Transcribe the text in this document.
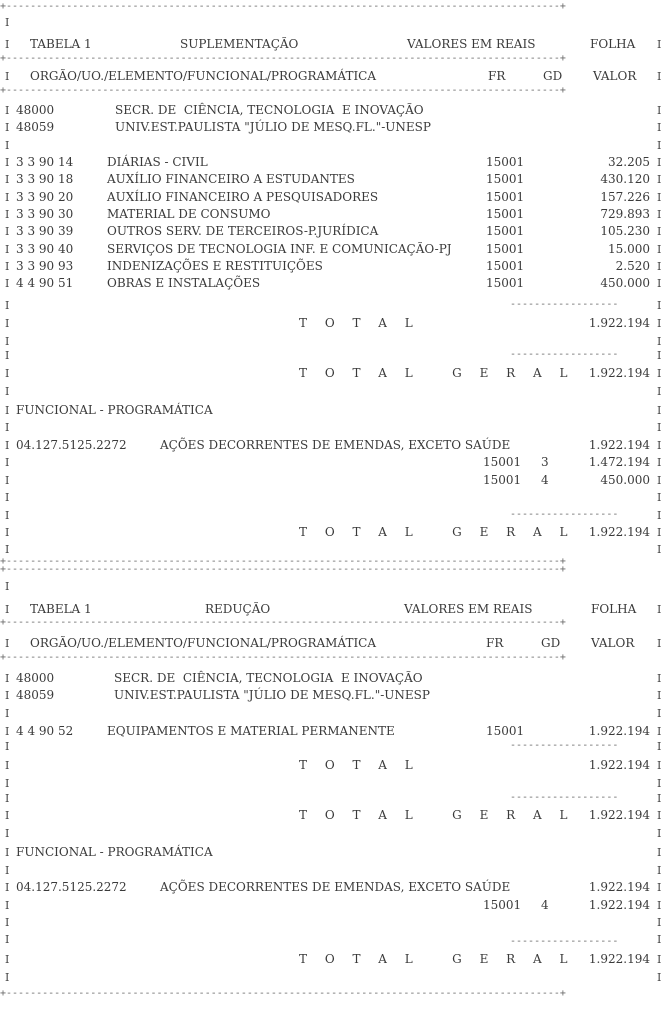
+--------------------------------------------------------------------------------------------+
I
I TABELA 1	SUPLEMENTAÇÃO	VALORES EM REAIS	FOLHA I
+--------------------------------------------------------------------------------------------+
I ORGÃO/UO./ELEMENTO/FUNCIONAL/PROGRAMÁTICA	FR	GD	VALOR I
+--------------------------------------------------------------------------------------------+
I 48000	SECR. DE  CIÊNCIA, TECNOLOGIA  E INOVAÇÃO	I
I 48059	UNIV.EST.PAULISTA "JÚLIO DE MESQ.FL."-UNESP	I
I	I
I 3 3 90 14	DIÁRIAS - CIVIL	15001	32.205 I
I 3 3 90 18	AUXÍLIO FINANCEIRO A ESTUDANTES	15001	430.120 I
I 3 3 90 20	AUXÍLIO FINANCEIRO A PESQUISADORES	15001	157.226 I
I 3 3 90 30	MATERIAL DE CONSUMO	15001	729.893 I
I 3 3 90 39	OUTROS SERV. DE TERCEIROS-P.JURÍDICA	15001	105.230 I
I 3 3 90 40	SERVIÇOS DE TECNOLOGIA INF. E COMUNICAÇÃO-PJ	15001	15.000 I
I 3 3 90 93	INDENIZAÇÕES E RESTITUIÇÕES	15001	2.520 I
I 4 4 90 51	OBRAS E INSTALAÇÕES	15001	450.000 I
------------------
I	I
I	T O T A L	1.922.194 I
I	I
------------------
I	I
I	T O T A L   G E R A L 1.922.194 I
I	I
I FUNCIONAL - PROGRAMÁTICA	I
I	I
I 04.127.5125.2272	AÇÕES DECORRENTES DE EMENDAS, EXCETO SAÚDE	1.922.194 I
I	15001 3	1.472.194 I
I	15001 4	450.000 I
I	I
------------------
I	I
I	T O T A L   G E R A L 1.922.194 I
I	I
+--------------------------------------------------------------------------------------------+
+--------------------------------------------------------------------------------------------+
I
I TABELA 1	REDUÇÃO	VALORES EM REAIS	FOLHA I
+--------------------------------------------------------------------------------------------+
I ORGÃO/UO./ELEMENTO/FUNCIONAL/PROGRAMÁTICA	FR	GD	VALOR I
+--------------------------------------------------------------------------------------------+
I 48000	SECR. DE  CIÊNCIA, TECNOLOGIA  E INOVAÇÃO	I
I 48059	UNIV.EST.PAULISTA "JÚLIO DE MESQ.FL."-UNESP	I
I	I
I 4 4 90 52	EQUIPAMENTOS E MATERIAL PERMANENTE	15001	1.922.194 I
------------------
I	I
I	T O T A L	1.922.194 I
I	I
------------------
I	I
I	T O T A L   G E R A L 1.922.194 I
I	I
I FUNCIONAL - PROGRAMÁTICA	I
I	I
I 04.127.5125.2272	AÇÕES DECORRENTES DE EMENDAS, EXCETO SAÚDE	1.922.194 I
I	15001 4	1.922.194 I
I	I
I	I
------------------
I	T O T A L   G E R A L 1.922.194 I
I	I
+--------------------------------------------------------------------------------------------+
